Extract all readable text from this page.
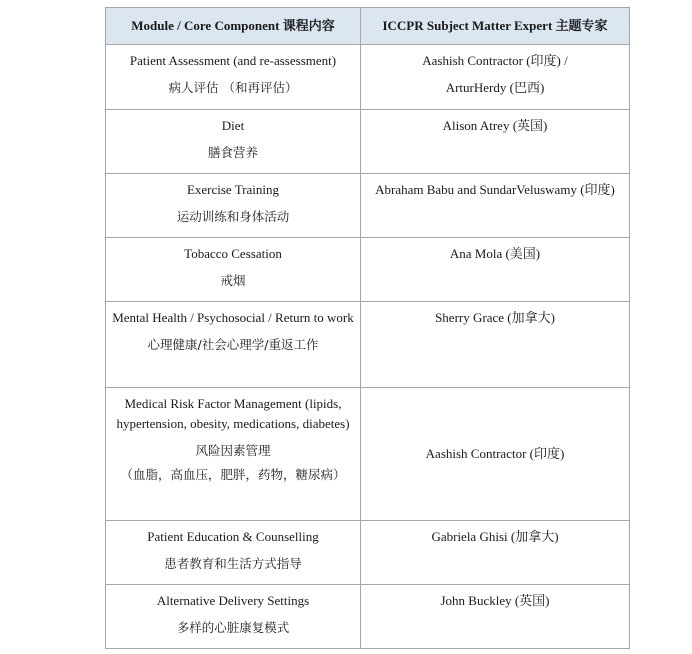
Module / Core Component 课程内容	ICCPR Subject Matter Expert 主题专家

Patient Assessment (and re-assessment)
病人评估 （和再评估）	Aashish Contractor (印度) /
ArturHerdy (巴西)

Diet
膳食营养	Alison Atrey (英国)

Exercise Training
运动训练和身体活动	Abraham Babu and SundarVeluswamy (印度)

Tobacco Cessation
戒烟	Ana Mola (美国)

Mental Health / Psychosocial / Return to work
心理健康/社会心理学/重返工作	Sherry Grace (加拿大)

Medical Risk Factor Management (lipids, hypertension, obesity, medications, diabetes)
风险因素管理
（血脂，高血压，肥胖，药物，糖尿病）	Aashish Contractor (印度)

Patient Education & Counselling
患者教育和生活方式指导	Gabriela Ghisi (加拿大)

Alternative Delivery Settings
多样的心脏康复模式	John Buckley (英国)
